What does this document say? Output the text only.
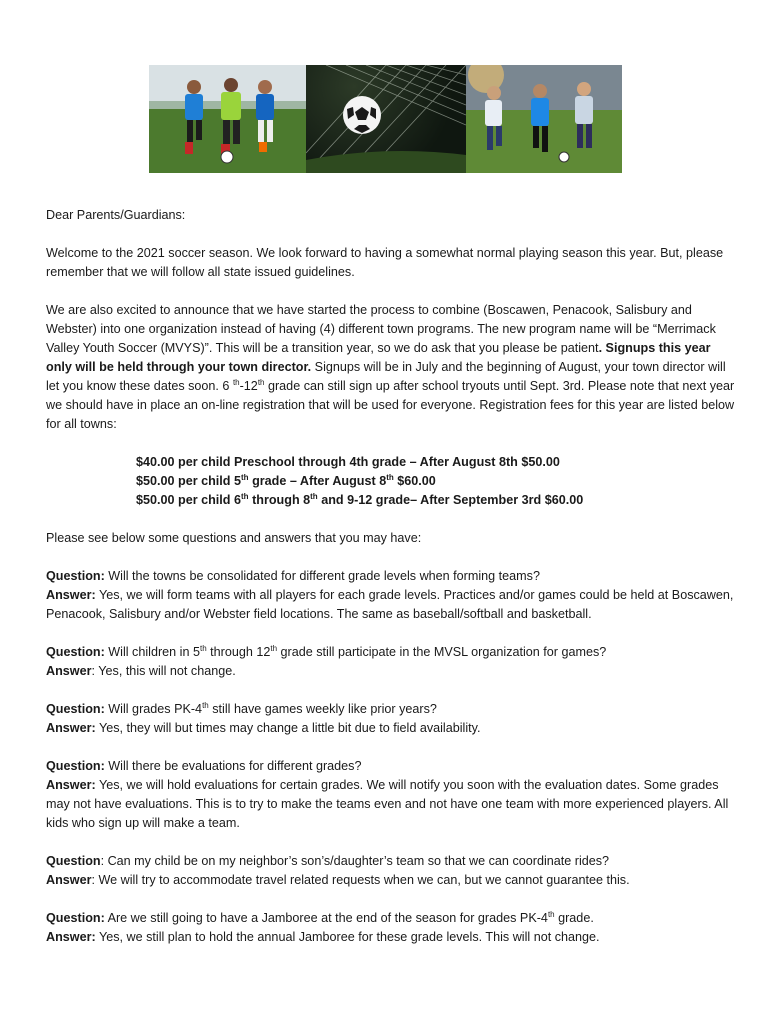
Dear Parents/Guardians:

Welcome to the 2021 soccer season. We look forward to having a somewhat normal playing season this year. But, please remember that we will follow all state issued guidelines.

We are also excited to announce that we have started the process to combine (Boscawen, Penacook, Salisbury and Webster) into one organization instead of having (4) different town programs. The new program name will be “Merrimack Valley Youth Soccer (MVYS)”. This will be a transition year, so we do ask that you please be patient. Signups this year only will be held through your town director. Signups will be in July and the beginning of August, your town director will let you know these dates soon. 6 $^{th}$-12th grade can still sign up after school tryouts until Sept. 3rd. Please note that next year we should have in place an on-line registration that will be used for everyone. Registration fees for this year are listed below for all towns:

$40.00 per child Preschool through 4th grade – After August 8th $50.00

$50.00 per child 5th grade – After August 8th $60.00

$50.00 per child 6th through 8th and 9-12 grade– After September 3rd $60.00

Please see below some questions and answers that you may have:

Question: Will the towns be consolidated for different grade levels when forming teams?

Answer: Yes, we will form teams with all players for each grade levels. Practices and/or games could be held at Boscawen, Penacook, Salisbury and/or Webster field locations. The same as baseball/softball and basketball.

Question: Will children in 5th through 12th grade still participate in the MVSL organization for games?

Answer: Yes, this will not change.

Question: Will grades PK-4th still have games weekly like prior years?

Answer: Yes, they will but times may change a little bit due to field availability.

Question: Will there be evaluations for different grades?

Answer: Yes, we will hold evaluations for certain grades. We will notify you soon with the evaluation dates. Some grades may not have evaluations. This is to try to make the teams even and not have one team with more experienced players. All kids who sign up will make a team.

Question: Can my child be on my neighbor’s son’s/daughter’s team so that we can coordinate rides?

Answer: We will try to accommodate travel related requests when we can, but we cannot guarantee this.

Question: Are we still going to have a Jamboree at the end of the season for grades PK-4th grade.

Answer: Yes, we still plan to hold the annual Jamboree for these grade levels. This will not change.
